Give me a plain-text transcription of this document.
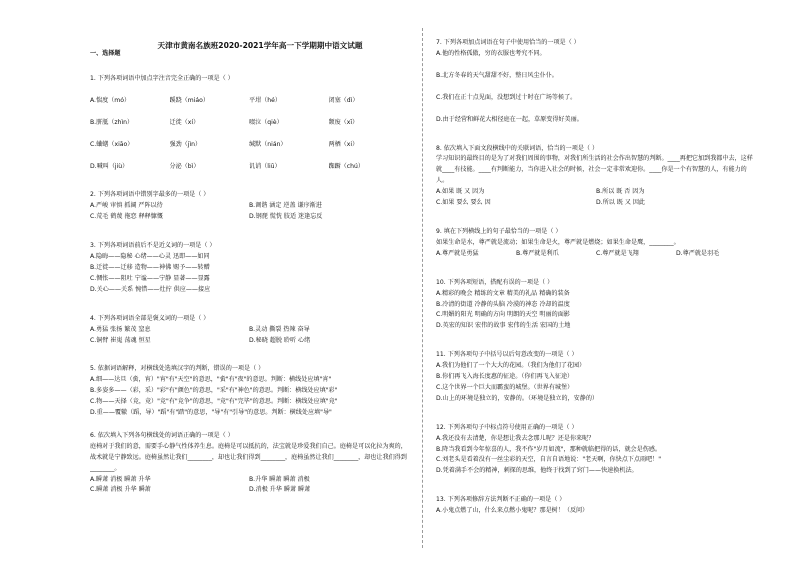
天津市黄南名族班2020-2021学年高一下学期期中语文试题
一、选择题
1. 下列各项词语中加点字注音完全正确的一项是（ ）
A.惴度（mó）	蹊跷（miáo）	平坩（hé）	闭塞（dì）
B.胼胝（zhìn）	迁徙（xí）	啜泣（qiè）	颓废（xī）
C.蛐蟮（xiāo）	强劲（jìn）	缄默（nián）	两栖（xi）
D.喊叫（jiù）	分泌（bì）	讥诮（liū）	踟蹰（chú）
2. 下列各项词语中错别字最多的一项是（ ）
A.严峻 审慎 抓阔 严阵以待	B.调谐 涵定 逆盖 谦序渐进
C.荒毛 鹤蔑 拖恋 释释慷慨	D.钢琵 慌恍 肢适 迷逢忘反
3. 下列各项词语前后不是近义词的一项是（ ）
A.隐晦——隐秘 心绪——心灵 迅即——如同
B.迁徙——迁移 造物——神佛 赐予——转赠
C.惆怅——阻吐 宁谧——宁静 显著——显露
D.关心——关系 惋惜——灶拧 供应——接应
4. 下列各项词语全部是褒义词的一项是（ ）
A.勇猛 张扬 繁茂 窒息	B.灵动 撕裂 热辣 奋导
C.铜臂 崔嵬 荡魂 恒星	D.秘晓 超脱 聆听 心绪
5. 依据词语解释，对横线处选填汉字的判断，错误的一项是（ ）
A.细——达旦（夤，宵）"宵"有"天空"的意思，"夤"有"夜"的意思。判断：横线处应填"宵"
B.多姿多——（彩，采）"彩"有"颜色"的意思，"采"有"神色"的意思。判断：横线处应填"彩"
C.物——天择（竞，竟）"竞"有"竞争"的意思，"竟"有"完毕"的意思。判断：横线处应填"竟"
D.重——覆辙（蹈，导）"蹈"有"踏"的意思，"导"有"引导"的意思。判断：横线处应填"导"
6. 依次填入下列各句横线处的词语正确的一项是（ ）
庭椅对于我们的意，需要手心静气性体养生息。庭椅是可以抵抗的，法宝就是珍爱我们自己。庭椅是可以化拉为爽的，战术就是宁静致远。庭椅虽然让我们________，却也让我们得到________，庭椅虽然让我们________，却也让我们得到________。
A.瞬萧 消极 瞬萧 升华	B.升华 瞬萧 瞬萧 消极
C.瞬萧 消极 升华 瞬萧	D.消极 升华 瞬萧 瞬萧
7. 下列各项加点词语在句子中使用恰当的一项是（ ）
A.他的性格孤傲，穷的衣服也考究不同。
B.北方冬春的天气甜甜不好，整日风尘仆仆。
C.我们在正十点见面，没想到过十时在广场等候了。
D.由于经营和鲜花大相径庭在一起，草原变得好美丽。
8. 依次填入下面文段横线中的关联词语，恰当的一项是（ ）
学习知识的最终目的是为了对我们周围的事物，对我们所生活的社会作出智慧的判断。____再把它加到我都中去，这样就____有技能。____有判断能力，当你进入社会的时候，社会一定非常欢迎你。____你是一个有智慧的人，有能力的人。
A.如果 既 又 因为	B.所以 既 否 因为
C.如果 要么 要么 因	D.所以 既 又 因此
9. 填在下列横线上的句子最恰当的一项是（ ）
如果生命是水，尊严就是流动；如果生命是火，尊严就是燃烧；如果生命是鹰，________。
A.尊严就是勇猛	B.尊严就是利爪	C.尊严就是飞翔	D.尊严就是羽毛
10. 下列各项短语，搭配有误的一项是（ ）
A.精彩的晚会 精练的文章 精美的礼品 精确的装备
B.冷清的街道 冷静的头脑 冷漠的神态 冷却的温度
C.明媚的阳光 明确的方向 明朗的天空 明丽的面影
D.英宏的知识 宏伟的故事 宏伟的生活 宏国的土地
11. 下列各项句子中括号以后句意改变的一项是（ ）
A.我们为他们了一个大大的花园。（我们为他们了花园）
B.你们再飞入海长度惠的征途。（你们再飞入征途）
C.这个世界一个巨大而霸蛮的城堡。（世界有城堡）
D.山上的环境是独立的，安静的。（环境是独立的，安静的）
12. 下列各项句子中标点符号使用正确的一项是（ ）
A.我还没有去清楚，你是想让我去念那儿呢？还是你来呢？
B.降当我看到今年惊喜的人，我不作"岁月如流"，那种就临把得的话，就会是伤感。
C.刘老头是看着没有一丝尘彩的天空，自言自语地说："老天啊，你快点下点雨吧！"
D.凭着满手不会的精神，刺探的思维，他终于找到了窍门——快速换机法。
13. 下列各项修辞方法判断不正确的一项是（ ）
A.小鬼点燃了山，什么来点燃小鬼呢？那是树！（反问）
